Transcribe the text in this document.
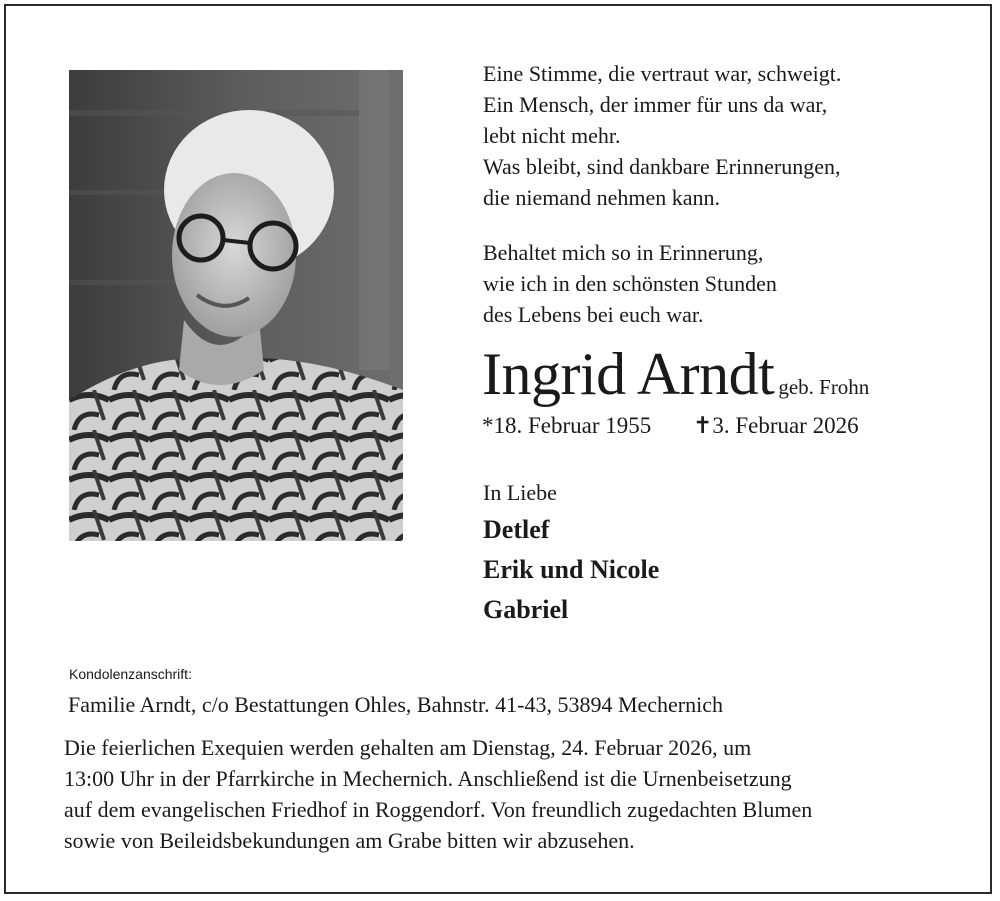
Eine Stimme, die vertraut war, schweigt.
Ein Mensch, der immer für uns da war,
lebt nicht mehr.
Was bleibt, sind dankbare Erinnerungen,
die niemand nehmen kann.
Behaltet mich so in Erinnerung,
wie ich in den schönsten Stunden
des Lebens bei euch war.
Ingrid Arndt geb. Frohn
*18. Februar 1955 ✝3. Februar 2026
In Liebe
Detlef
Erik und Nicole
Gabriel
Kondolenzanschrift:
Familie Arndt, c/o Bestattungen Ohles, Bahnstr. 41-43, 53894 Mechernich
Die feierlichen Exequien werden gehalten am Dienstag, 24. Februar 2026, um
13:00 Uhr in der Pfarrkirche in Mechernich. Anschließend ist die Urnenbeisetzung
auf dem evangelischen Friedhof in Roggendorf. Von freundlich zugedachten Blumen
sowie von Beileidsbekundungen am Grabe bitten wir abzusehen.
